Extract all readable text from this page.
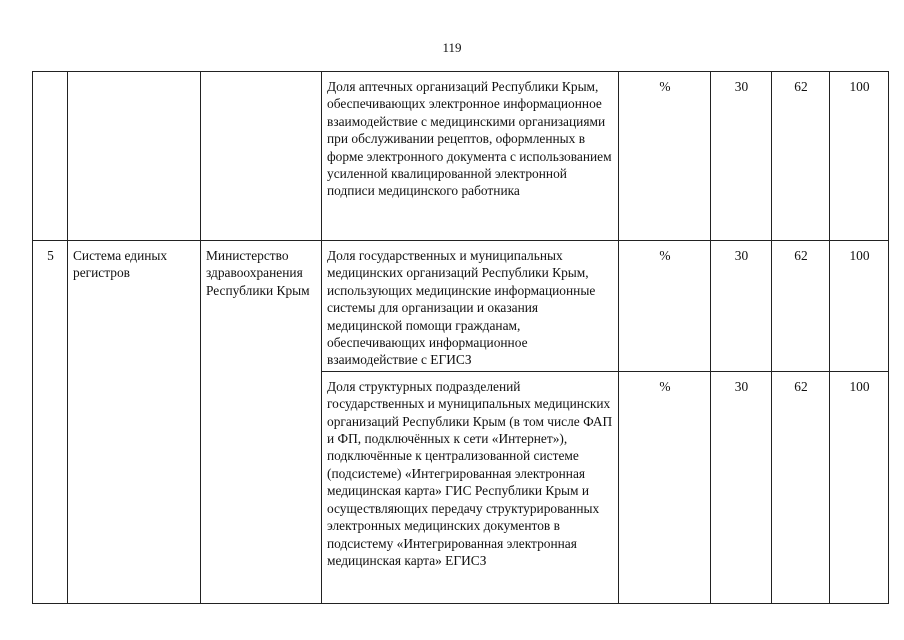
119
			Доля аптечных организаций Республики Крым, обеспечивающих электронное информационное взаимодействие с медицинскими организациями при обслуживании рецептов, оформленных в форме электронного документа с использованием усиленной квалицированной электронной подписи медицинского работника	%	30	62	100
5	Система единых регистров	Министерство здравоохранения Республики Крым	Доля государственных и муниципальных медицинских организаций Республики Крым, использующих медицинские информационные системы для организации и оказания медицинской помощи гражданам, обеспечивающих информационное взаимодействие с ЕГИСЗ	%	30	62	100
			Доля структурных подразделений государственных и муниципальных медицинских организаций Республики Крым (в том числе ФАП и ФП, подключённых к сети «Интернет»), подключённые к централизованной системе (подсистеме) «Интегрированная электронная медицинская карта» ГИС Республики Крым и осуществляющих передачу структурированных электронных медицинских документов в подсистему «Интегрированная электронная медицинская карта» ЕГИСЗ	%	30	62	100
